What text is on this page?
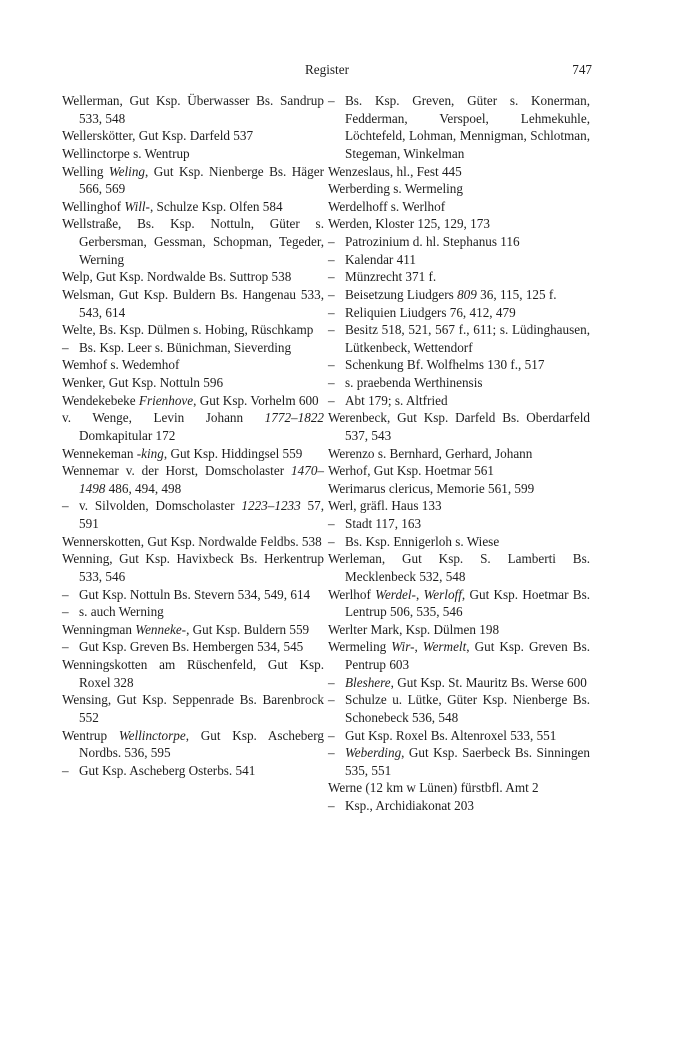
Register	747
Wellerman, Gut Ksp. Überwasser Bs. Sandrup 533, 548
Wellerskötter, Gut Ksp. Darfeld 537
Wellinctorpe s. Wentrup
Welling Weling, Gut Ksp. Nienberge Bs. Häger 566, 569
Wellinghof Will-, Schulze Ksp. Olfen 584
Wellstraße, Bs. Ksp. Nottuln, Güter s. Gerbersman, Gessman, Schopman, Tegeder, Werning
Welp, Gut Ksp. Nordwalde Bs. Suttrop 538
Welsman, Gut Ksp. Buldern Bs. Hangenau 533, 543, 614
Welte, Bs. Ksp. Dülmen s. Hobing, Rüschkamp
– Bs. Ksp. Leer s. Bünichman, Sieverding
Wemhof s. Wedemhof
Wenker, Gut Ksp. Nottuln 596
Wendekebeke Frienhove, Gut Ksp. Vorhelm 600
v. Wenge, Levin Johann 1772–1822 Domkapitular 172
Wennekeman -king, Gut Ksp. Hiddingsel 559
Wennemar v. der Horst, Domscholaster 1470–1498 486, 494, 498
– v. Silvolden, Domscholaster 1223–1233 57, 591
Wennerskotten, Gut Ksp. Nordwalde Feldbs. 538
Wenning, Gut Ksp. Havixbeck Bs. Herkentrup 533, 546
– Gut Ksp. Nottuln Bs. Stevern 534, 549, 614
– s. auch Werning
Wenningman Wenneke-, Gut Ksp. Buldern 559
– Gut Ksp. Greven Bs. Hembergen 534, 545
Wenningskotten am Rüschenfeld, Gut Ksp. Roxel 328
Wensing, Gut Ksp. Seppenrade Bs. Barenbrock 552
Wentrup Wellinctorpe, Gut Ksp. Ascheberg Nordbs. 536, 595
– Gut Ksp. Ascheberg Osterbs. 541
– Bs. Ksp. Greven, Güter s. Konerman, Fedderman, Verspoel, Lehmekuhle, Löchtefeld, Lohman, Mennigman, Schlotman, Stegeman, Winkelman
Wenzeslaus, hl., Fest 445
Werberding s. Wermeling
Werdelhoff s. Werlhof
Werden, Kloster 125, 129, 173
– Patrozinium d. hl. Stephanus 116
– Kalendar 411
– Münzrecht 371 f.
– Beisetzung Liudgers 809 36, 115, 125 f.
– Reliquien Liudgers 76, 412, 479
– Besitz 518, 521, 567 f., 611; s. Lüdinghausen, Lütkenbeck, Wettendorf
– Schenkung Bf. Wolfhelms 130 f., 517
– s. praebenda Werthinensis
– Abt 179; s. Altfried
Werenbeck, Gut Ksp. Darfeld Bs. Oberdarfeld 537, 543
Werenzo s. Bernhard, Gerhard, Johann
Werhof, Gut Ksp. Hoetmar 561
Werimarus clericus, Memorie 561, 599
Werl, gräfl. Haus 133
– Stadt 117, 163
– Bs. Ksp. Ennigerloh s. Wiese
Werleman, Gut Ksp. S. Lamberti Bs. Mecklenbeck 532, 548
Werlhof Werdel-, Werloff, Gut Ksp. Hoetmar Bs. Lentrup 506, 535, 546
Werlter Mark, Ksp. Dülmen 198
Wermeling Wir-, Wermelt, Gut Ksp. Greven Bs. Pentrup 603
– Bleshere, Gut Ksp. St. Mauritz Bs. Werse 600
– Schulze u. Lütke, Güter Ksp. Nienberge Bs. Schonebeck 536, 548
– Gut Ksp. Roxel Bs. Altenroxel 533, 551
– Weberding, Gut Ksp. Saerbeck Bs. Sinningen 535, 551
Werne (12 km w Lünen) fürstbfl. Amt 2
– Ksp., Archidiakonat 203
